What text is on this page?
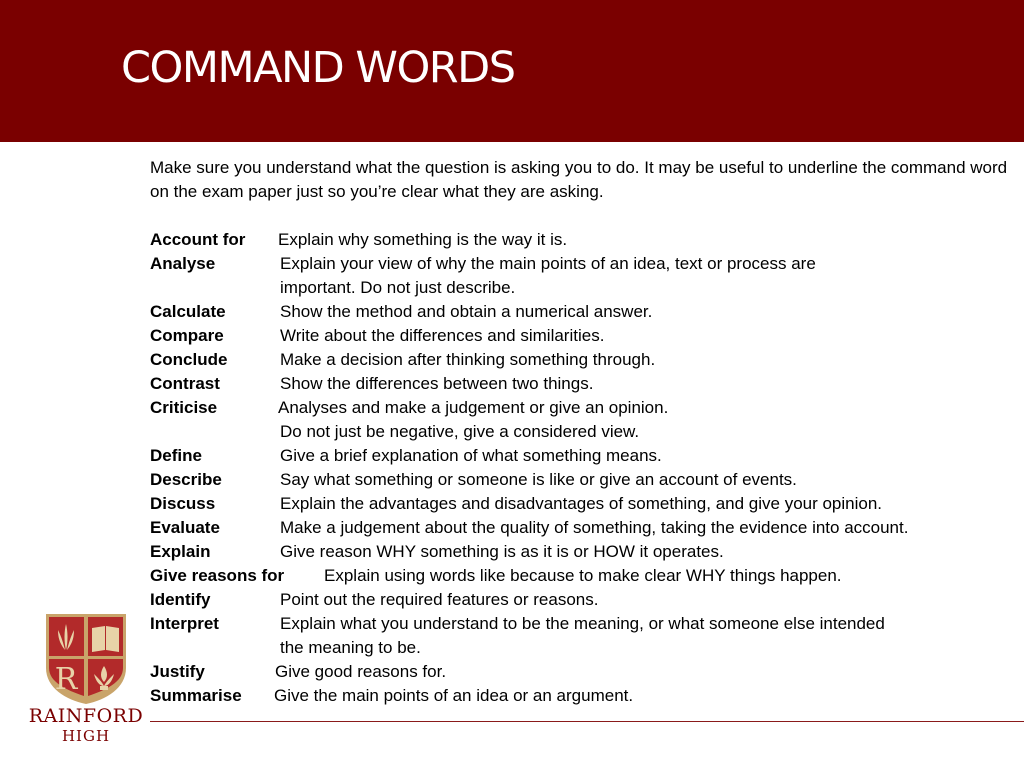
COMMAND WORDS

Make sure you understand what the question is asking you to do. It may be useful to underline the command word on the exam paper just so you’re clear what they are asking.

Account for	Explain why something is the way it is.
Analyse	Explain your view of why the main points of an idea, text or process are
important. Do not just describe.
Calculate	Show the method and obtain a numerical answer.
Compare	Write about the differences and similarities.
Conclude	Make a decision after thinking something through.
Contrast	Show the differences between two things.
Criticise	Analyses and make a judgement or give an opinion.
Do not just be negative, give a considered view.
Define	Give a brief explanation of what something means.
Describe	Say what something or someone is like or give an account of events.
Discuss	Explain the advantages and disadvantages of something, and give your opinion.
Evaluate	Make a judgement about the quality of something, taking the evidence into account.
Explain	Give reason WHY something is as it is or HOW it operates.
Give reasons for	Explain using words like because to make clear WHY things happen.
Identify	Point out the required features or reasons.
Interpret	Explain what you understand to be the meaning, or what someone else intended
the meaning to be.
Justify	Give good reasons for.
Summarise	Give the main points of an idea or an argument.
R
RAINFORD
HIGH
